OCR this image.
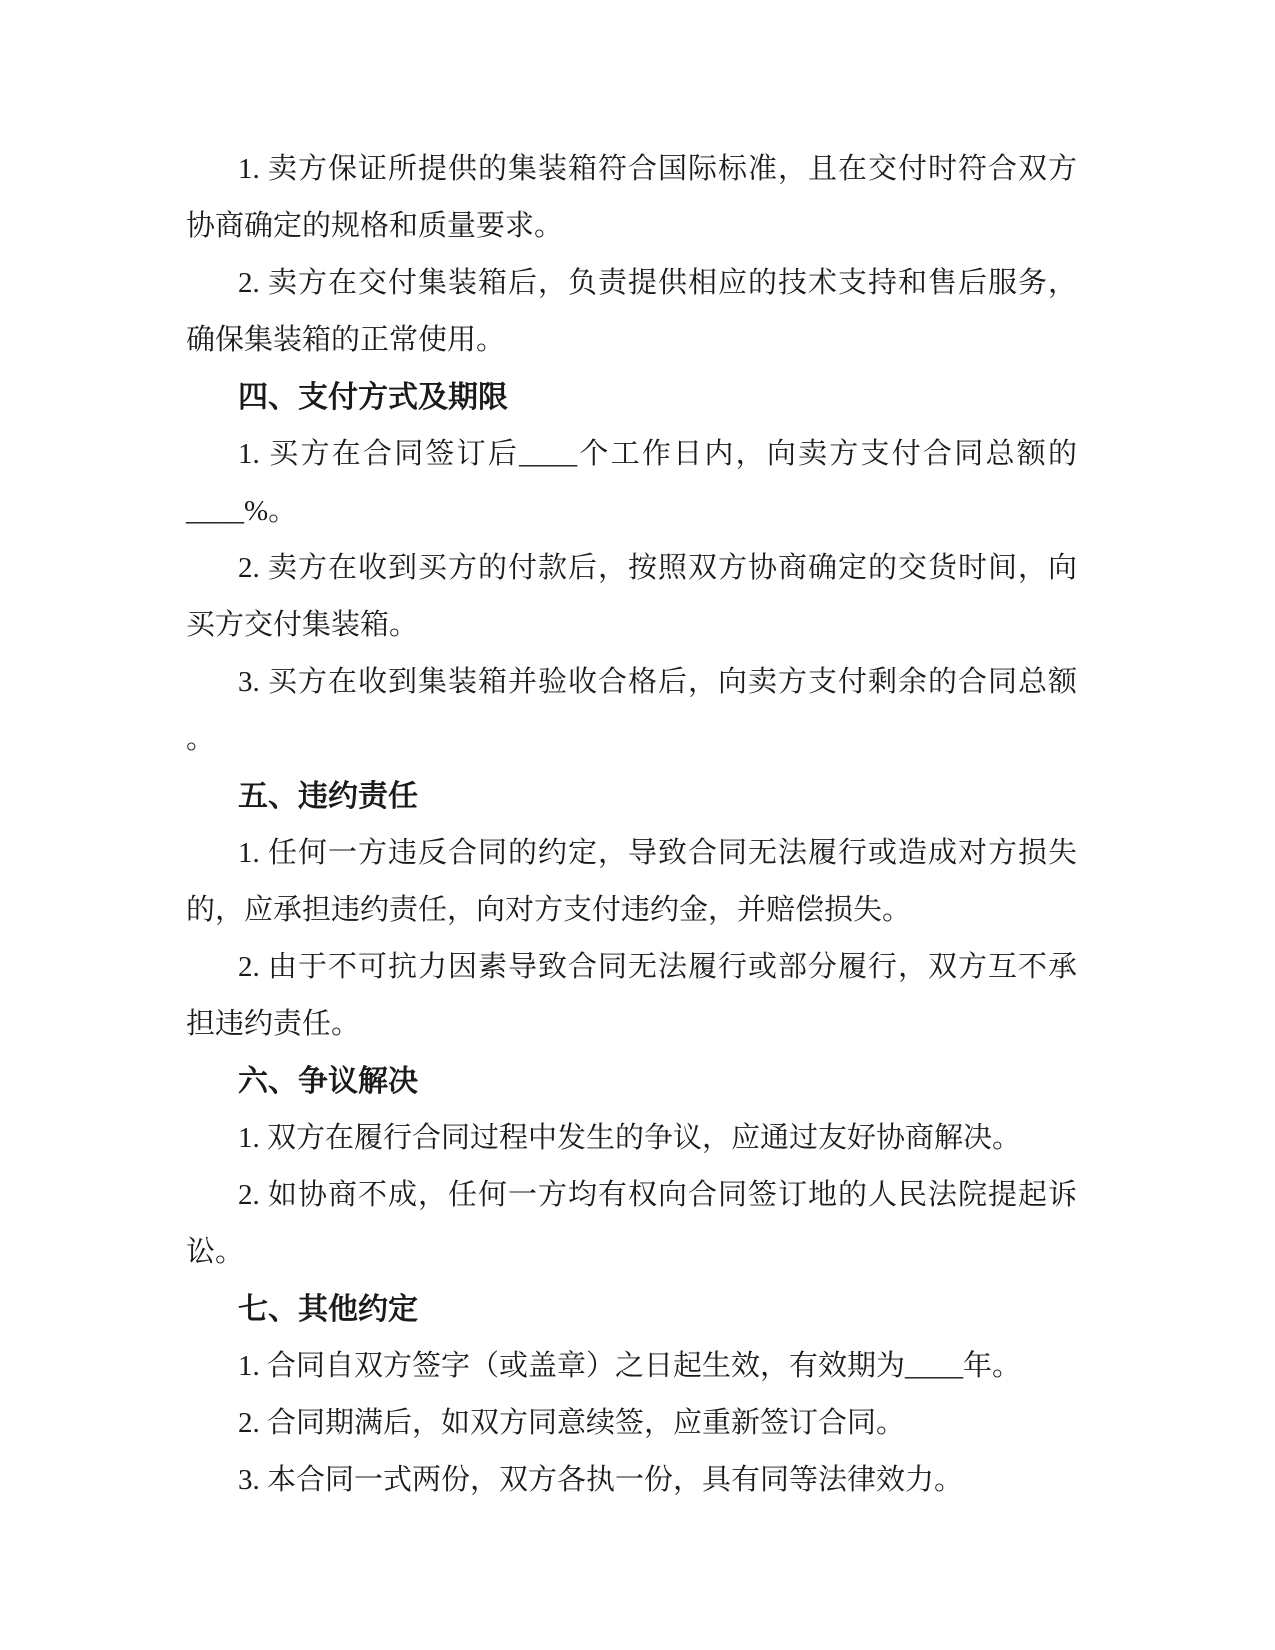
1. 卖方保证所提供的集装箱符合国际标准，且在交付时符合双方
协商确定的规格和质量要求。
2. 卖方在交付集装箱后，负责提供相应的技术支持和售后服务，
确保集装箱的正常使用。
四、支付方式及期限
1. 买方在合同签订后____个工作日内，向卖方支付合同总额的
____%。
2. 卖方在收到买方的付款后，按照双方协商确定的交货时间，向
买方交付集装箱。
3. 买方在收到集装箱并验收合格后，向卖方支付剩余的合同总额
。
五、违约责任
1. 任何一方违反合同的约定，导致合同无法履行或造成对方损失
的，应承担违约责任，向对方支付违约金，并赔偿损失。
2. 由于不可抗力因素导致合同无法履行或部分履行，双方互不承
担违约责任。
六、争议解决
1. 双方在履行合同过程中发生的争议，应通过友好协商解决。
2. 如协商不成，任何一方均有权向合同签订地的人民法院提起诉
讼。
七、其他约定
1. 合同自双方签字（或盖章）之日起生效，有效期为____年。
2. 合同期满后，如双方同意续签，应重新签订合同。
3. 本合同一式两份，双方各执一份，具有同等法律效力。
